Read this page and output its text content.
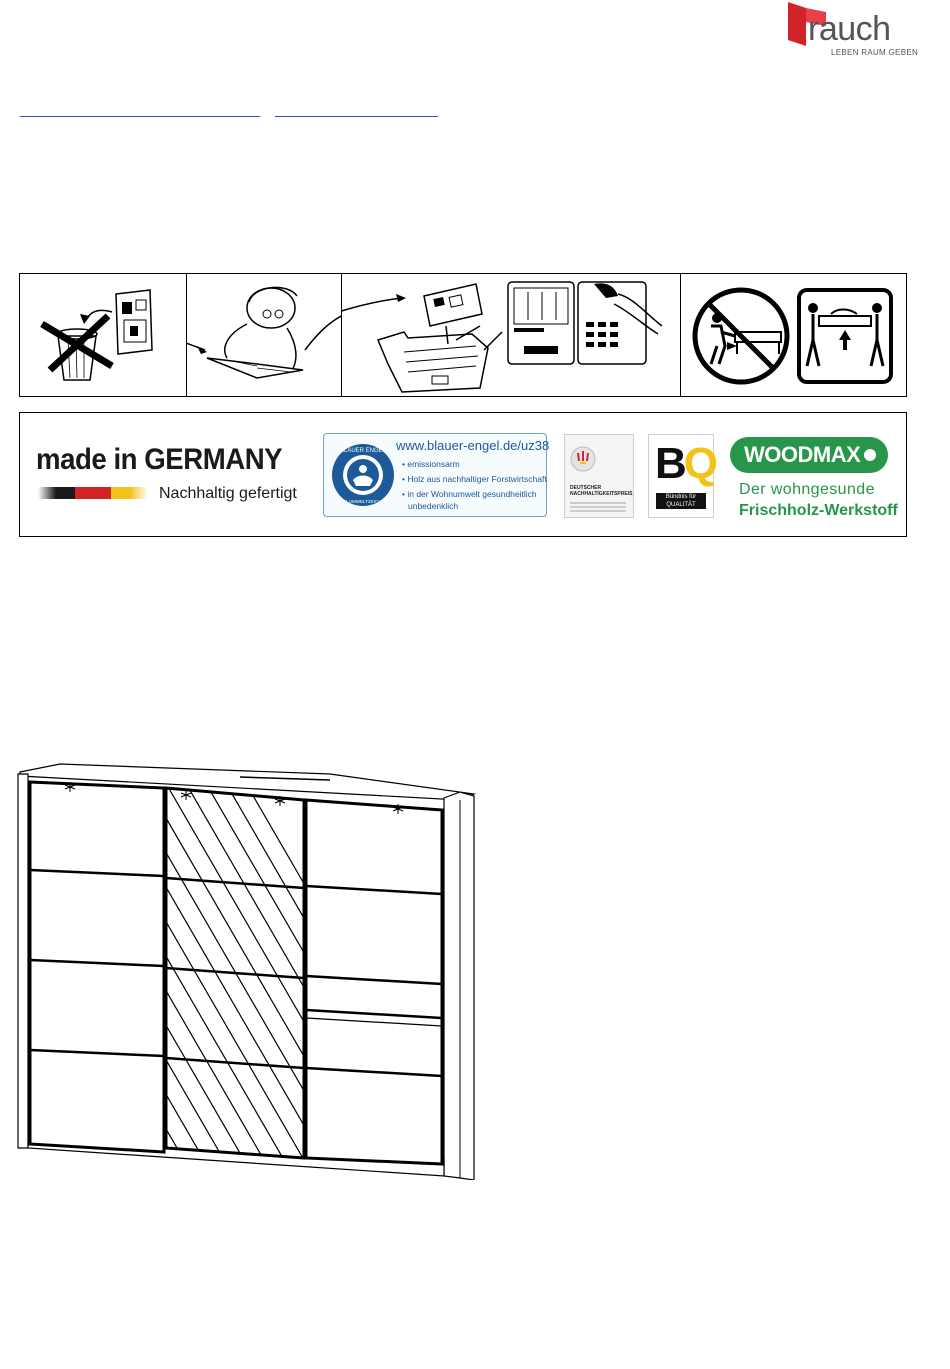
rauch
LEBEN RAUM GEBEN
made in GERMANY
Nachhaltig gefertigt
BLAUER ENGEL
DAS UMWELTZEICHEN
www.blauer-engel.de/uz38
• emissionsarm
• Holz aus nachhaltiger Forstwirtschaft
• in der Wohnumwelt gesundheitlich
unbedenklich
DEUTSCHER
NACHHALTIGKEITSPREIS
BQ
Bündnis für
QUALITÄT
WOODMAX
Der wohngesunde
Frischholz-Werkstoff
